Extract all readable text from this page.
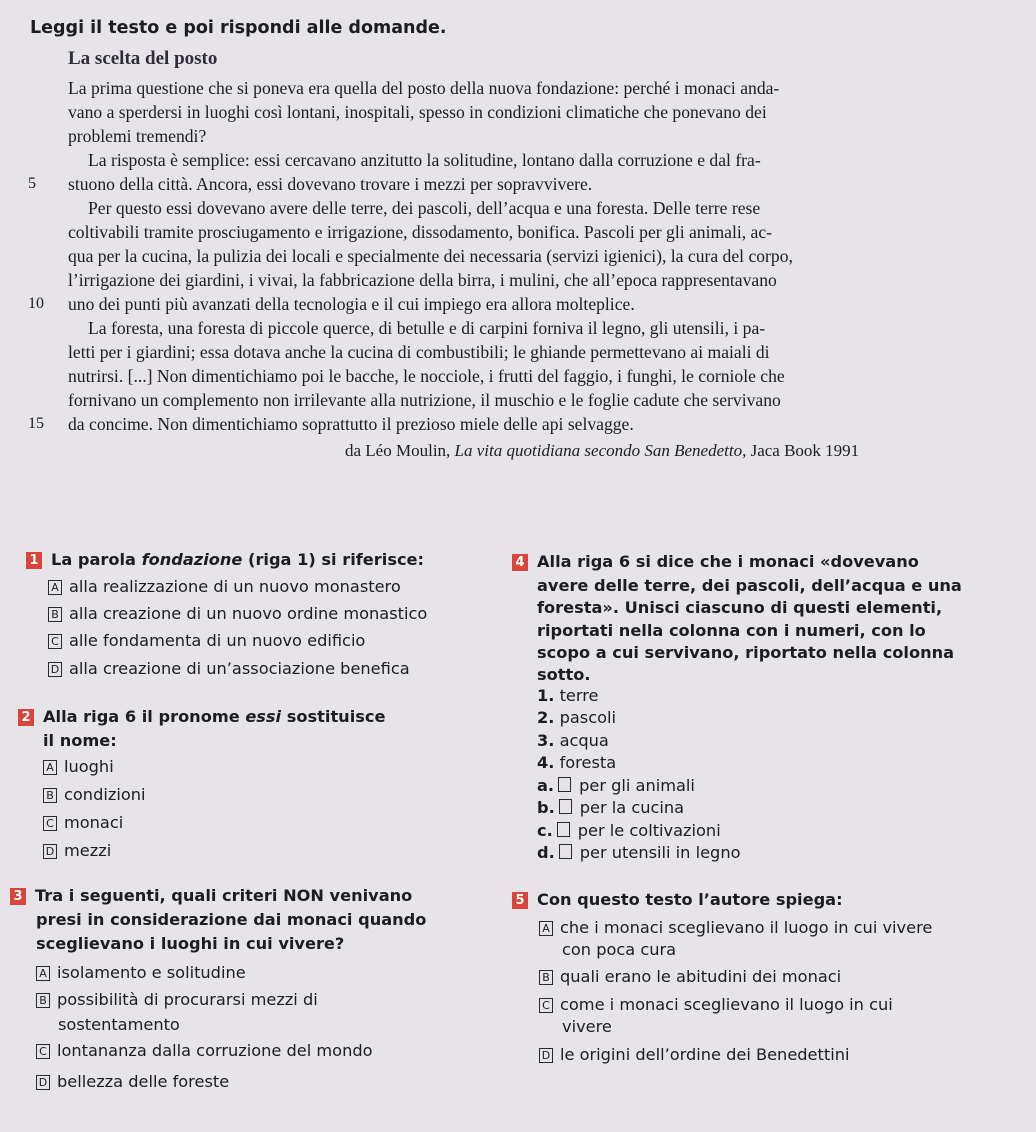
Leggi il testo e poi rispondi alle domande.
La scelta del posto
La prima questione che si poneva era quella del posto della nuova fondazione: perché i monaci anda-
vano a sperdersi in luoghi così lontani, inospitali, spesso in condizioni climatiche che ponevano dei
problemi tremendi?
La risposta è semplice: essi cercavano anzitutto la solitudine, lontano dalla corruzione e dal fra-
5 stuono della città. Ancora, essi dovevano trovare i mezzi per sopravvivere.
Per questo essi dovevano avere delle terre, dei pascoli, dell’acqua e una foresta. Delle terre rese
coltivabili tramite prosciugamento e irrigazione, dissodamento, bonifica. Pascoli per gli animali, ac-
qua per la cucina, la pulizia dei locali e specialmente dei necessaria (servizi igienici), la cura del corpo,
l’irrigazione dei giardini, i vivai, la fabbricazione della birra, i mulini, che all’epoca rappresentavano
10 uno dei punti più avanzati della tecnologia e il cui impiego era allora molteplice.
La foresta, una foresta di piccole querce, di betulle e di carpini forniva il legno, gli utensili, i pa-
letti per i giardini; essa dotava anche la cucina di combustibili; le ghiande permettevano ai maiali di
nutrirsi. [...] Non dimentichiamo poi le bacche, le nocciole, i frutti del faggio, i funghi, le corniole che
fornivano un complemento non irrilevante alla nutrizione, il muschio e le foglie cadute che servivano
15 da concime. Non dimentichiamo soprattutto il prezioso miele delle api selvagge.
da Léo Moulin, La vita quotidiana secondo San Benedetto, Jaca Book 1991
1 La parola fondazione (riga 1) si riferisce:
A alla realizzazione di un nuovo monastero
B alla creazione di un nuovo ordine monastico
C alle fondamenta di un nuovo edificio
D alla creazione di un’associazione benefica
2 Alla riga 6 il pronome essi sostituisce
il nome:
A luoghi
B condizioni
C monaci
D mezzi
3 Tra i seguenti, quali criteri NON venivano
presi in considerazione dai monaci quando
sceglievano i luoghi in cui vivere?
A isolamento e solitudine
B possibilità di procurarsi mezzi di
sostentamento
C lontananza dalla corruzione del mondo
D bellezza delle foreste
4 Alla riga 6 si dice che i monaci «dovevano
avere delle terre, dei pascoli, dell’acqua e una
foresta». Unisci ciascuno di questi elementi,
riportati nella colonna con i numeri, con lo
scopo a cui servivano, riportato nella colonna
sotto.
1. terre
2. pascoli
3. acqua
4. foresta
a. per gli animali
b. per la cucina
c. per le coltivazioni
d. per utensili in legno
5 Con questo testo l’autore spiega:
A che i monaci sceglievano il luogo in cui vivere
con poca cura
B quali erano le abitudini dei monaci
C come i monaci sceglievano il luogo in cui
vivere
D le origini dell’ordine dei Benedettini
